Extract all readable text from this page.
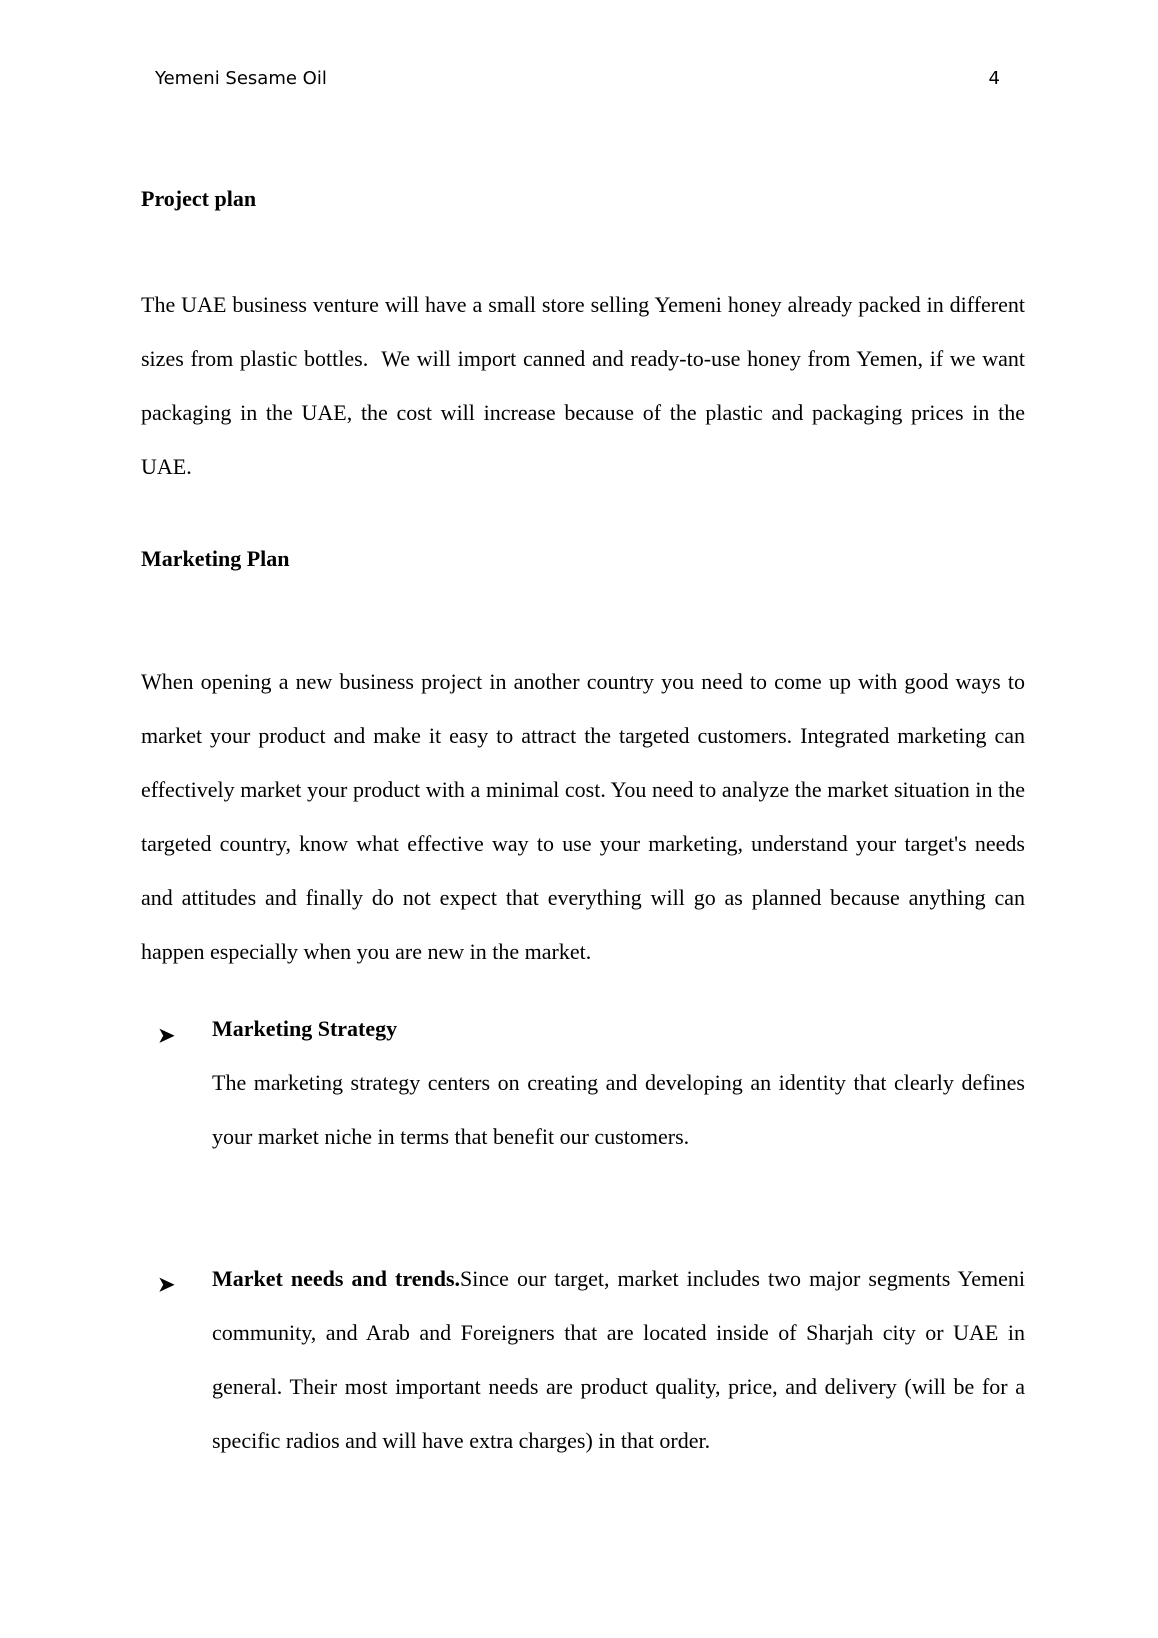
Yemeni Sesame Oil	4
Project plan

The UAE business venture will have a small store selling Yemeni honey already packed in different sizes from plastic bottles.  We will import canned and ready-to-use honey from Yemen, if we want packaging in the UAE, the cost will increase because of the plastic and packaging prices in the UAE.

Marketing Plan

When opening a new business project in another country you need to come up with good ways to market your product and make it easy to attract the targeted customers. Integrated marketing can effectively market your product with a minimal cost. You need to analyze the market situation in the targeted country, know what effective way to use your marketing, understand your target's needs and attitudes and finally do not expect that everything will go as planned because anything can happen especially when you are new in the market.

➤ Marketing Strategy
The marketing strategy centers on creating and developing an identity that clearly defines your market niche in terms that benefit our customers.
➤ Market needs and trends.Since our target, market includes two major segments Yemeni community, and Arab and Foreigners that are located inside of Sharjah city or UAE in general. Their most important needs are product quality, price, and delivery (will be for a specific radios and will have extra charges) in that order.
